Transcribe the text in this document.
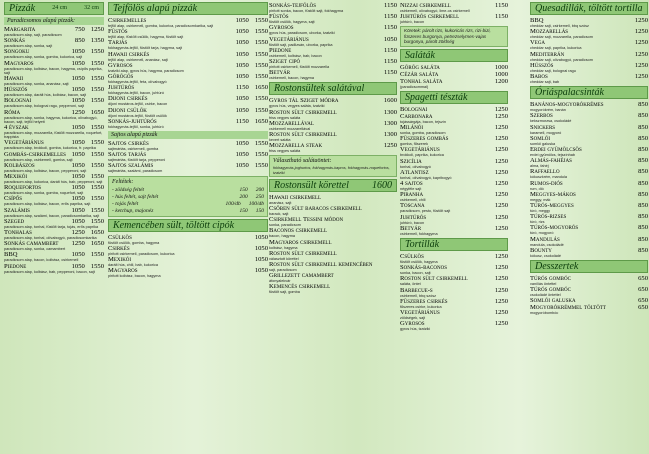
Pizzák	24 cm	32 cm
Paradicsomos alapú pizzák:
Margarita	750 1250
paradicsom alap, sajt, paradicsom
Sonkás	850 1350
paradicsom alap, sonka, sajt
Songoku	1050 1550
paradicsom alap, sonka, gomba, kukorica, sajt
Magyaros	1050 1550
paradicsom alap, kolbász, bacon, hagyma, csípős paprika, sajt
Hawaii	1050 1550
paradicsom alap, sonka, ananász, sajt
Hússzós	1050 1550
paradicsom alap, darált hús, kolbász, bacon, sajt
Bolognai	1050 1550
paradicsom alap, bolognai ragu, pepperoni, sajt
Róma	1250 1650
paradicsom alap, sonka, hagyma, kukorica, olívabogyó, bacon, sajt, tejföl helyett
4 évszak	1050 1550
paradicsom alap, mozzarella, füstölt mozzarella, roquefort, trappista
Vegetáriánus	1050 1550
paradicsom alap, brokkoli, gomba, kukorica, fr. paprika
Gombás-csirkemelles 1050 1550
paradicsom alap, csirkemell, gomba, sajt
Kolbászos	1050 1550
paradicsom alap, kolbász, bacon, pepperoni, sajt
Mexikói	1050 1550
paradicsom alap, kukorica, darált hús, bab, pepperoni, sajt
Roquefortos	1050 1550
paradicsom alap, sonka, gomba, roquefort, sajt
Csípős	1050 1550
paradicsom alap, kolbász, bacon, erős paprika, sajt
Szalámis	1050 1550
paradicsom alap, szalámi, bacon, paradicsomkarika, sajt
Szeged	1050 1550
paradicsom alap, tonhal, füstölt tarja, tojás, erős paprika
Tonhalas	1250 1650
paradicsom alap, tonhal, olívabogyó, paradicsomkarika
Sonkás camambert 1250 1650
paradicsom alap, sonka, camambert
BBQ	1050 1550
paradicsom alap, bacon, kolbász, csirkemell
Piedone	1050 1550
paradicsom alap, kolbász, bab, pepperoni, bacon, sajt
Tejfölös alapú pizzák
Csirkemelles	1050 1550
tejföl alap, csirkemell, gomba, kukorica, paradicsomkarika, sajt
Füstös	1050 1550
tejföl alap, füstölt csülök, hagyma, füstölt sajt
Tarjás	1050 1550
fokhagymás-tejföl, füstölt tarja, hagyma, sajt
Hawaii csirkés	1050 1550
tejföl alap, csirkemell, ananász, sajt
Gyrosos	1050 1550
tzatziki alap, gyros hús, hagyma, paradicsom
Görögös	1050 1550
fokhagymás-tejföl, feta, olívabogyó
Juhtúrós	1150 1650
fokhagymás-tejföl, bacon, juhtúró
Dijoni csirkés	1050 1550
dijoni mustáros-tejföl, csirke, bacon
Dijoni csülök	1050 1550
dijoni mustáros-tejföl, füstölt csülök
Sonkás-juhtúrós	1150 1650
fokhagymás-tejföl, sonka, juhtúró
Sajtos alapú pizzák
Sajtos csirkés	1050 1550
sajtmártás, csirkemell, gomba
Sajtos tarjás	1050 1550
sajtmártás, füstölt tarja, pepperoni
Sajtos szalámis	1050 1550
sajtmártás, szalámi, paradicsom
Feltétek:
- zöldség feltét	150 200
- hús feltét, sajt feltét	200 250
- tojás feltét	100/db 100/db
- ketchup, majonéz	150 150
Kemencében sült, töltött cipók
Csülkös	1050
füstölt csülök, gomba, hagyma
Csirkés	1050
pirított csirkemell, paradicsom, kukorica
Mexikói	1050
darált hús, chili, bab, kukorica
Magyaros	1050
pirított kolbász, bacon, hagyma
Sonkás-tejfölös	1150
pirított sonka, bacon, füstölt sajt, fokhagyma
Füstös	1150
füstölt csülök, hagyma, sajt
Gyrosos	1150
gyros hús, paradicsom, uborka, tzatziki
Vegetáriánus	1050
füstölt sajt, padlizsán, uborka, paprika
Piedone	1150
csirkemell, kolbász, bab, bacon
Sziget cipó	1150
pirított csirkemell, füstölt mozzarella
Betyár	1150
csirkemell, bacon, hagyma
Rostonsültek salátával
Gyros tál Sziget módra	1600
gyros hús, vegyes saláta, tzatziki
Roston sült csirkemell	1300
friss vegyes saláta
Mozzarellával	1300
csirkemell mozzarellával
Roston sült csirkemell	1300
kevert saláta
Mozzarella steak	1250
friss vegyes saláta
Választható salátaöntet:
fokhagymás-joghurtos, fokhagymás-kapros, fokhagymás-roquefortos, tzatziki
Rostonsült körettel 1600
Hawaii csirkemell
ananász, sajt
Csőben sült baracos csirkemell
barack, sajt
Csirkemell Tessini módon
sonka, paradicsom
Baconos csirkemell
bacon, hagyma
Magyaros csirkemell
kolbász, hagyma
Roston sült csirkemell
választott körettel
Roston sült csirkemell kemencében
sajt, paradicsom
Grillezett camambert
áfonyalekvár
Kemencés csirkemell
füstölt sajt, gomba
Nizzai csirkemell	1150
csirkemell, olívabogyó, lime-os csirkemell
Juhtúrós csirkemell	1150
juhtúró, bacon
Köretek: párolt rizs, kukoricás rizs, rizi-bizi, füszeres burgonya, petrezselymes-vajas burgonya, párolt zöldség
Saláták
Görög saláta	1000
Cézár saláta	1000
Tonhal saláta	1200
(paradicsommal)
Spagetti tészták
Bolognai	1250
Carbonara	1250
tojássárgája, bacon, tejszín
Milánói	1250
sonka, gomba, paradicsom
Füszeres gombás	1250
gomba, fűszerek
Vegetáriánus	1250
brokkoli, paprika, kukorica
Szicília	1250
tonhal, olívabogyó
Atlantisz	1250
tonhal, olívabogyó, kapribogyó
4 sajtos	1250
négyféle sajt
Piranha	1250
csirkemell, chili
Toscana	1250
paradicsom, pesto, füstölt sajt
Juhtúrós	1250
juhtúró, bacon
Betyár	1250
csirkemell, fokhagyma
Tortillák
Csülkös	1250
füstölt csülök, hagyma
Sonkás-baconos	1250
sonka, bacon, sajt
Roston sült csirkemell	1250
saláta, öntet
Barbecue-s	1250
csirkemell, bbq szósz
Füszeres csirkés	1250
fűszeres csirke, kukorica
Vegetáriánus	1250
zöldségek, sajt
Gyrosos	1250
gyros hús, tzatziki
Quesadillák, töltött tortilla
BBQ	1250
cheddar sajt, csirkemell, bbq szósz
Mozzarellás	1250
cheddar sajt, mozzarella, paradicsom
Vega	1250
cheddar sajt, paprika, kukorica
Mediterrán	1250
cheddar sajt, olívabogyó, paradicsom
Hússzós	1250
cheddar sajt, bolognai ragu
Babos	1250
cheddar sajt, bab
Óriáspalacsinták
Banános-mogyorókrémes	850
mogyorókrém, banán
Szerbos	850
kekszmorzsa, csokoládé
Snickers	850
karamell, mogyoró
Somlói	850
somlói galuska
Erdei gyümölcsös	850
erdei gyümölcs, tejszínhab
Almás-fahéjas	850
alma, fahéj
Raffaello	850
kókuszkrém, mandula
Rumos-diós	850
rum, dió
Meggyes-mákos	850
meggy, mák
Túrós-meggyes	850
túró, meggy
Túrós-rizses	850
túró, rizs
Túrós-mogyorós	850
túró, mogyoró
Mandulás	850
mandula, csokoládé
Bounty	850
kókusz, csokoládé
Desszertek
Túrós gombóc	650
vaníliás öntettel
Túrós gombóc	650
csokoládé öntettel
Somlói galuska	650
Mogyorókrémmel töltött	650
mogyoróbombóc
